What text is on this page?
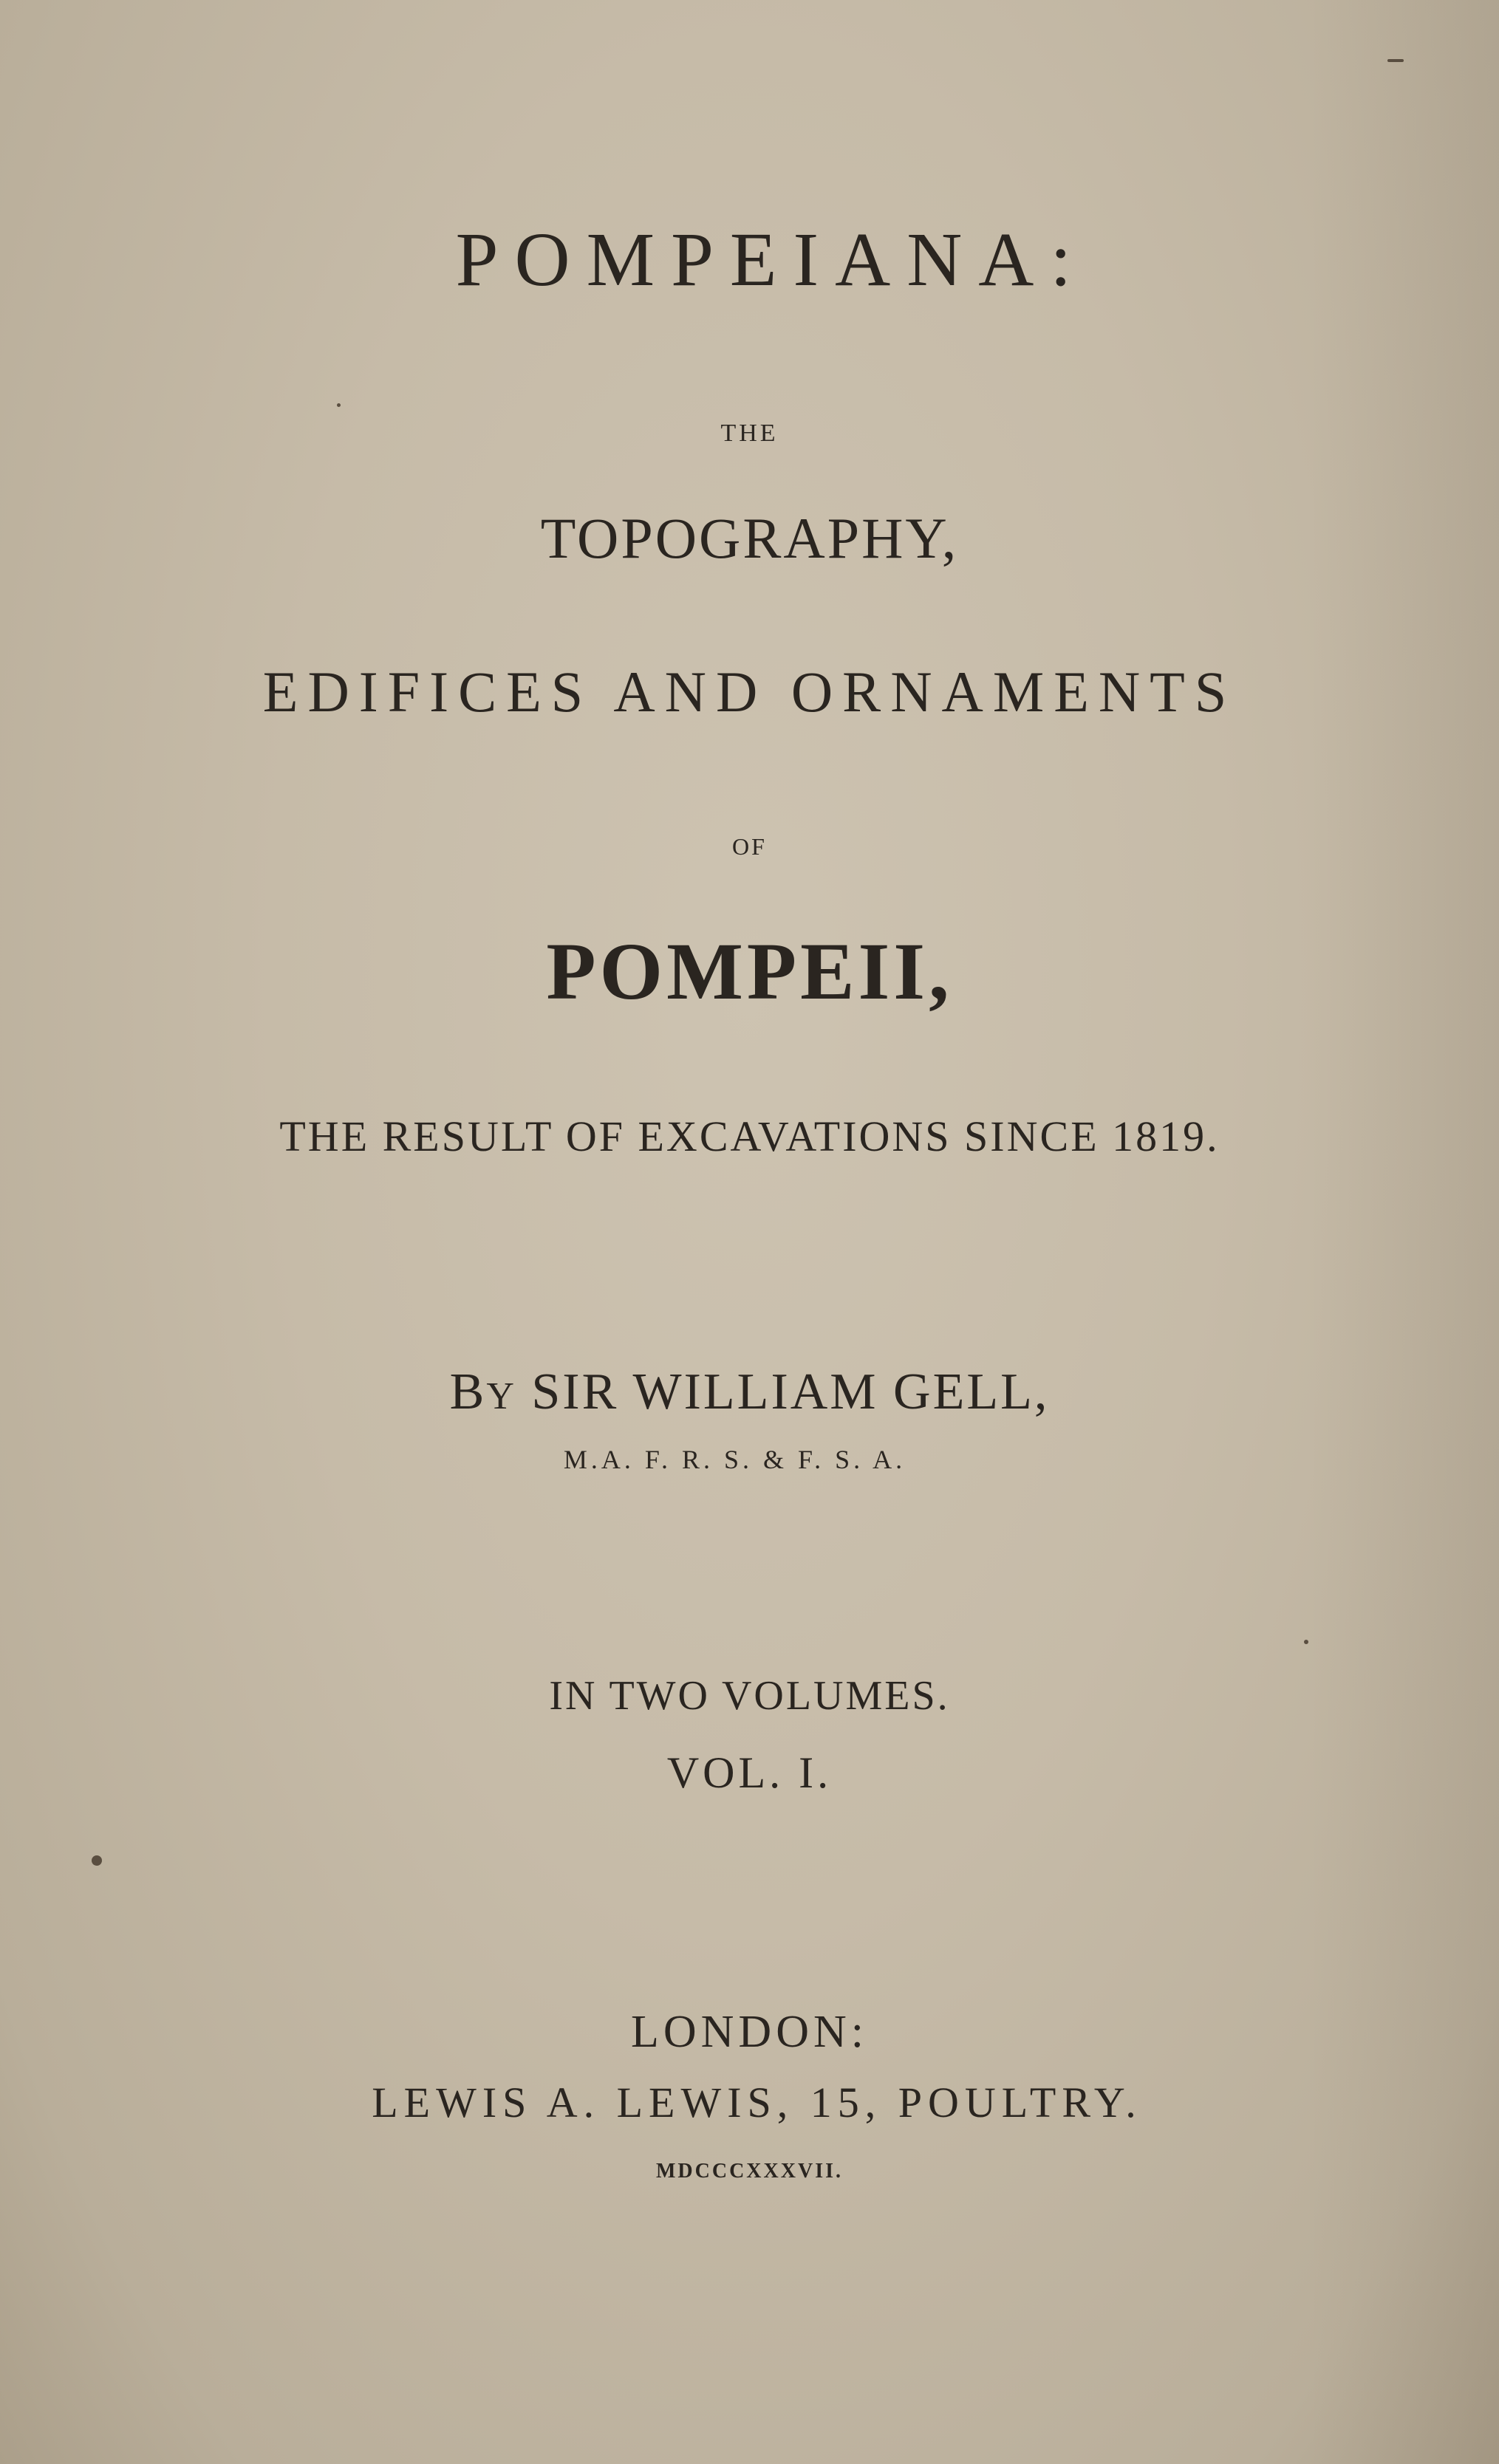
POMPEIANA:
THE
TOPOGRAPHY,
EDIFICES AND ORNAMENTS
OF
POMPEII,
THE RESULT OF EXCAVATIONS SINCE 1819.
BY SIR WILLIAM GELL,
M.A. F. R. S. & F. S. A.
IN TWO VOLUMES.
VOL. I.
LONDON:
LEWIS A. LEWIS, 15, POULTRY.
MDCCCXXXVII.
